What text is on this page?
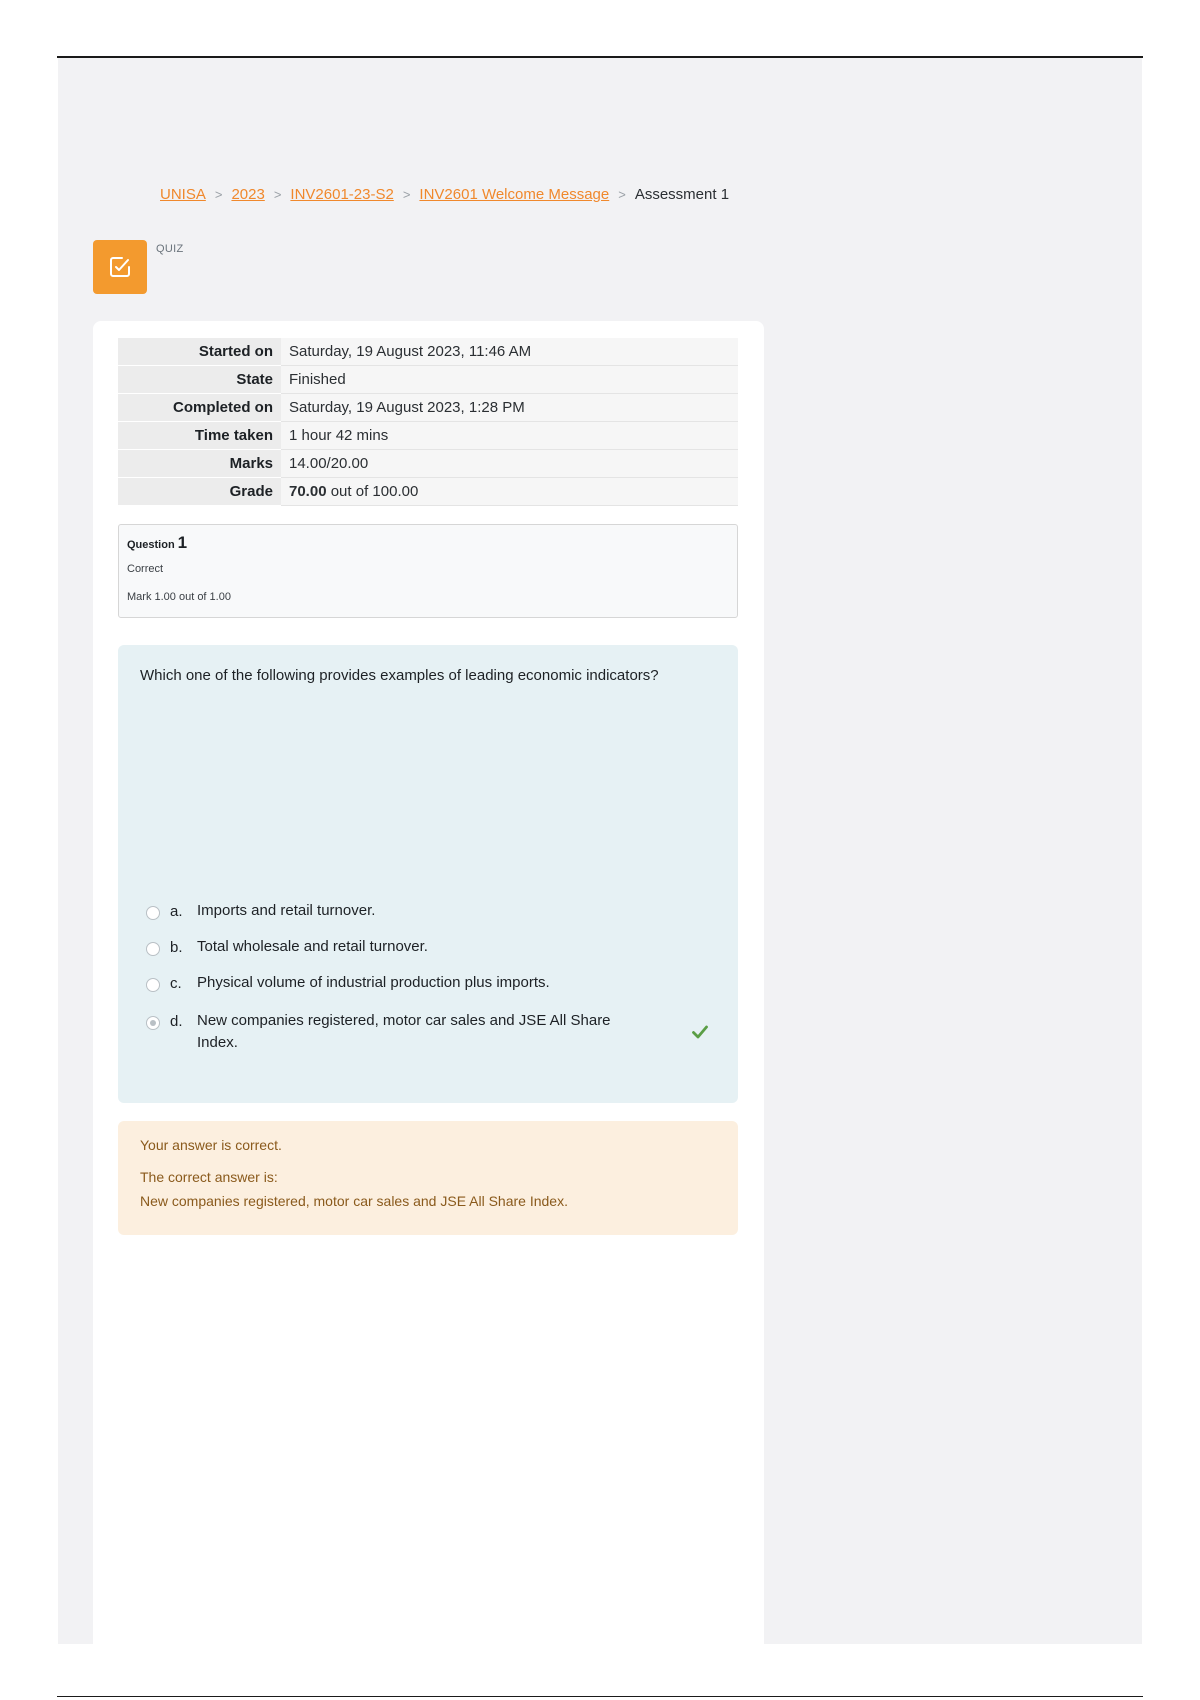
UNISA > 2023 > INV2601-23-S2 > INV2601 Welcome Message > Assessment 1
QUIZ
Started on	Saturday, 19 August 2023, 11:46 AM
State	Finished
Completed on	Saturday, 19 August 2023, 1:28 PM
Time taken	1 hour 42 mins
Marks	14.00/20.00
Grade	70.00 out of 100.00
Question 1
Correct
Mark 1.00 out of 1.00
Which one of the following provides examples of leading economic indicators?
a. Imports and retail turnover.
b. Total wholesale and retail turnover.
c.	Physical volume of industrial production plus imports.
d. New companies registered, motor car sales and JSE All Share Index.
Your answer is correct.
The correct answer is:
New companies registered, motor car sales and JSE All Share Index.
